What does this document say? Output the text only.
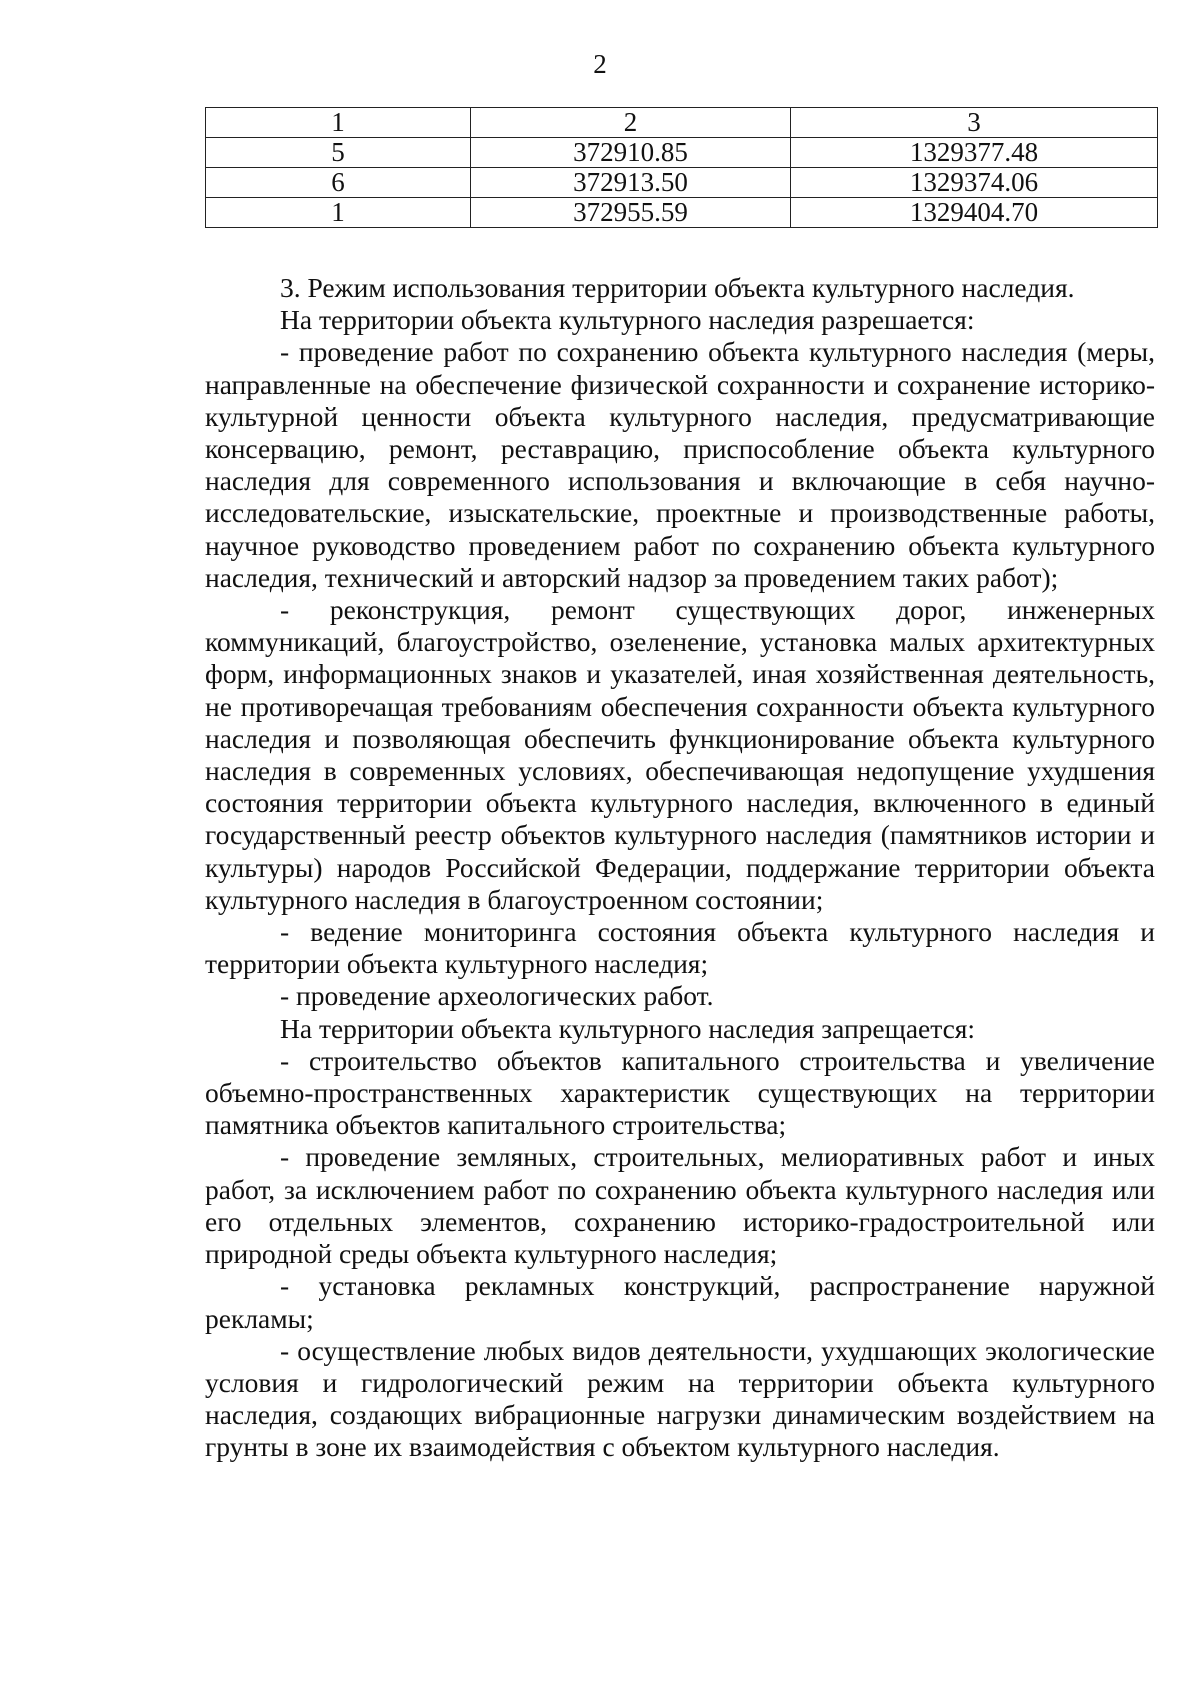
2
1	2	3
5	372910.85	1329377.48
6	372913.50	1329374.06
1	372955.59	1329404.70

3. Режим использования территории объекта культурного наследия.

На территории объекта культурного наследия разрешается:

- проведение работ по сохранению объекта культурного наследия (меры, направленные на обеспечение физической сохранности и сохранение историко-культурной ценности объекта культурного наследия, предусматривающие консервацию, ремонт, реставрацию, приспособление объекта культурного наследия для современного использования и включающие в себя научно-исследовательские, изыскательские, проектные и производственные работы, научное руководство проведением работ по сохранению объекта культурного наследия, технический и авторский надзор за проведением таких работ);

- реконструкция, ремонт существующих дорог, инженерных коммуникаций, благоустройство, озеленение, установка малых архитектурных форм, информационных знаков и указателей, иная хозяйственная деятельность, не противоречащая требованиям обеспечения сохранности объекта культурного наследия и позволяющая обеспечить функционирование объекта культурного наследия в современных условиях, обеспечивающая недопущение ухудшения состояния территории объекта культурного наследия, включенного в единый государственный реестр объектов культурного наследия (памятников истории и культуры) народов Российской Федерации, поддержание территории объекта культурного наследия в благоустроенном состоянии;

- ведение мониторинга состояния объекта культурного наследия и территории объекта культурного наследия;

- проведение археологических работ.

На территории объекта культурного наследия запрещается:

- строительство объектов капитального строительства и увеличение объемно-пространственных характеристик существующих на территории памятника объектов капитального строительства;

- проведение земляных, строительных, мелиоративных работ и иных работ, за исключением работ по сохранению объекта культурного наследия или его отдельных элементов, сохранению историко-градостроительной или природной среды объекта культурного наследия;

- установка рекламных конструкций, распространение наружной рекламы;

- осуществление любых видов деятельности, ухудшающих экологические условия и гидрологический режим на территории объекта культурного наследия, создающих вибрационные нагрузки динамическим воздействием на грунты в зоне их взаимодействия с объектом культурного наследия.
